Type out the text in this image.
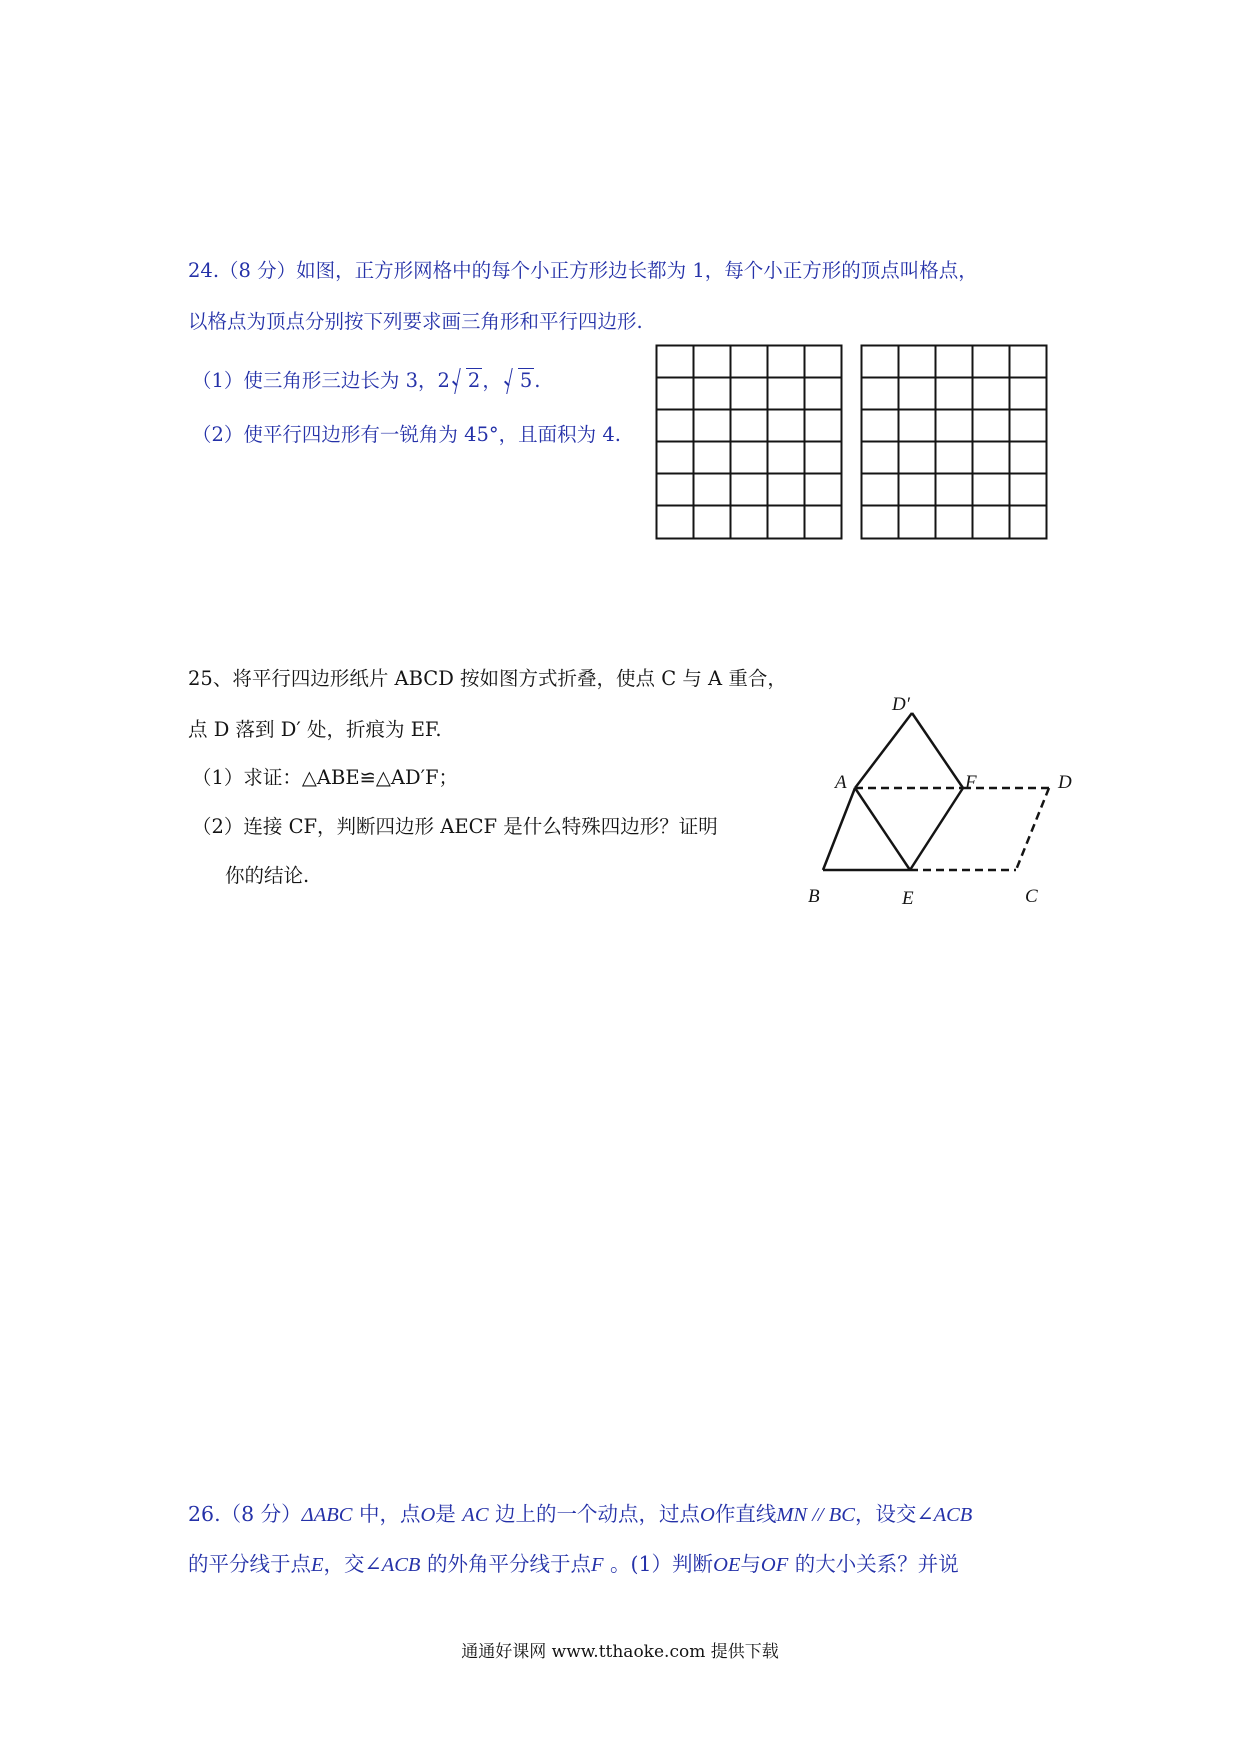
24.（8 分）如图，正方形网格中的每个小正方形边长都为 1，每个小正方形的顶点叫格点，
以格点为顶点分别按下列要求画三角形和平行四边形.
（1）使三角形三边长为 3，2 2 ， 5 .
（2）使平行四边形有一锐角为 45°，且面积为 4.
25、将平行四边形纸片 ABCD 按如图方式折叠，使点 C 与 A 重合，
点 D 落到 D′ 处，折痕为 EF.
（1）求证：△ABE≌△AD′F；
（2）连接 CF，判断四边形 AECF 是什么特殊四边形？证明
你的结论.
D′
A	F	D
B	E	C
26.（8 分）ΔABC 中，点O是 AC 边上的一个动点，过点O作直线MN // BC，设交∠ACB
的平分线于点E，交∠ACB 的外角平分线于点F 。(1）判断OE与OF 的大小关系？并说
通通好课网 www.tthaoke.com 提供下载
